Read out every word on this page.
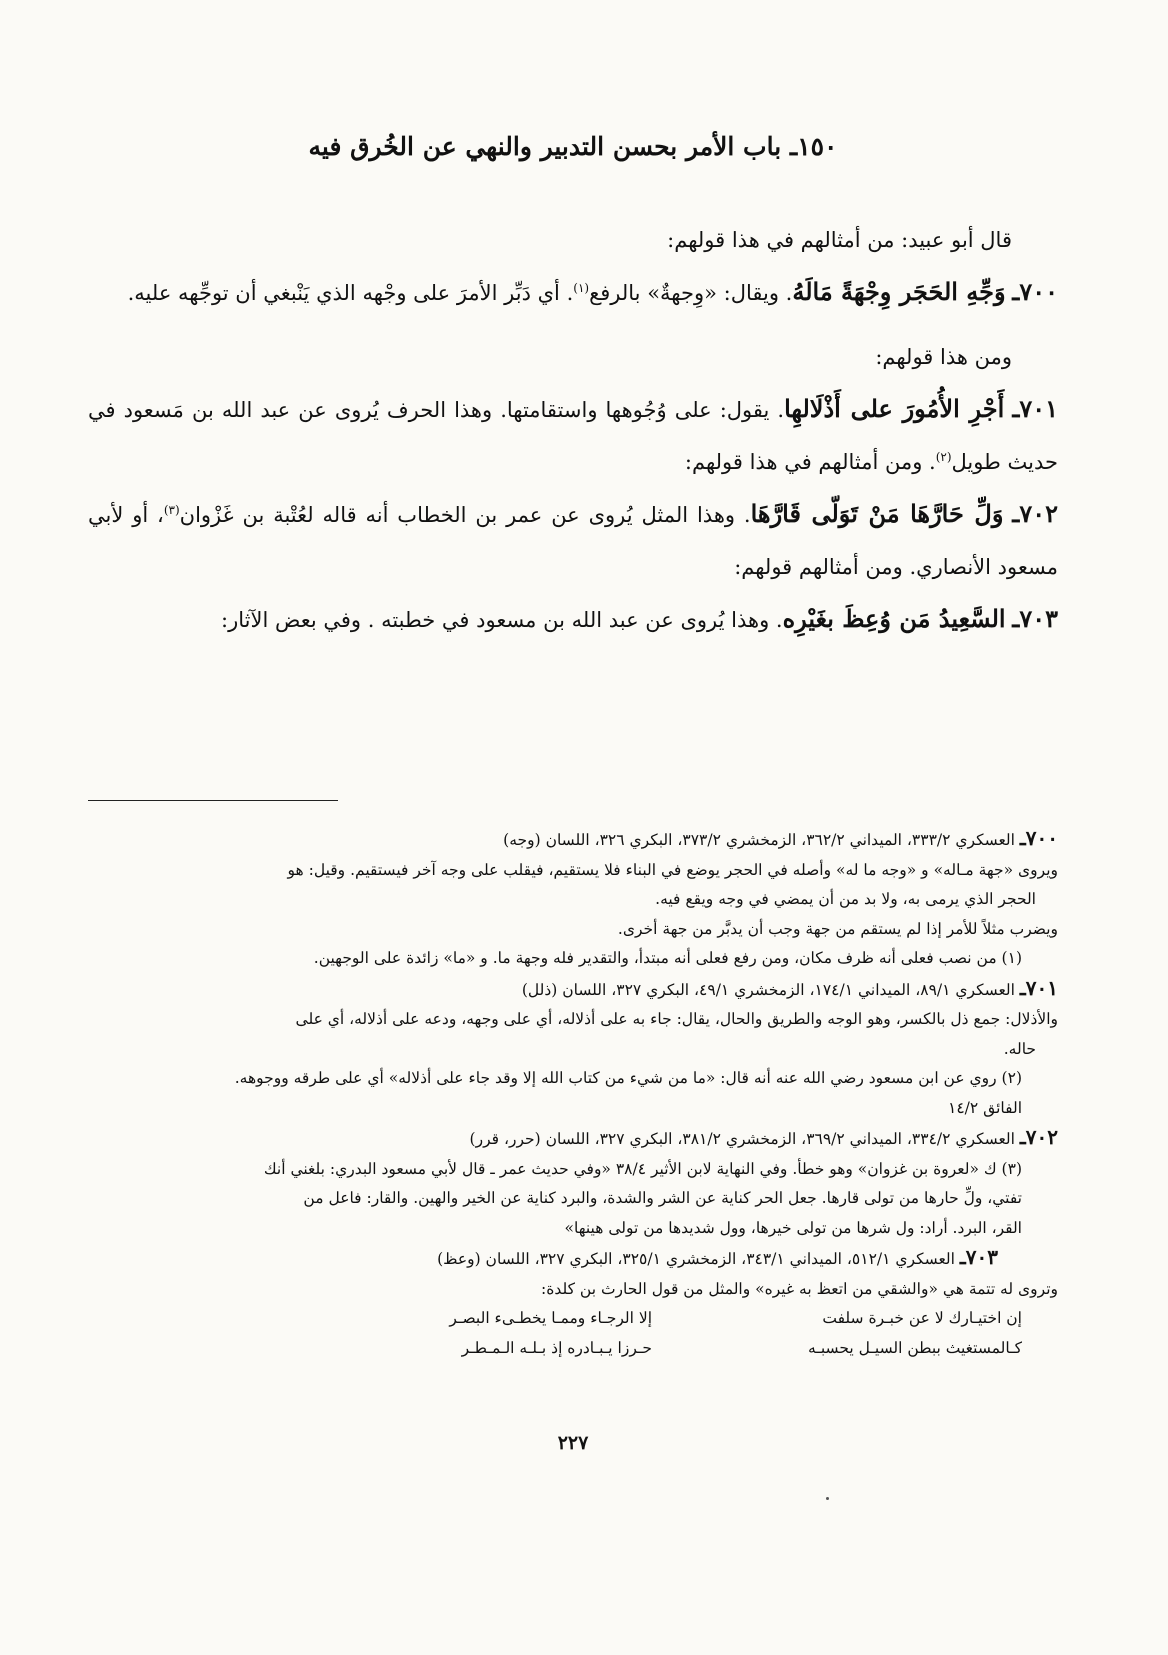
١٥٠ـ باب الأمر بحسن التدبير والنهي عن الخُرق فيه

قال أبو عبيد: من أمثالهم في هذا قولهم:

٧٠٠ـ وَجِّهِ الحَجَر وِجْهَةً مَالَهُ. ويقال: «وِجهةٌ» بالرفع$^{(١)}$. أي دَبِّر الأمرَ على وجْهه الذي يَنْبغي أن توجِّهه عليه.

ومن هذا قولهم:

٧٠١ـ أَجْرِ الأُمُورَ على أَذْلَالهِا. يقول: على وُجُوهها واستقامتها. وهذا الحرف يُروى عن عبد الله بن مَسعود في حديث طويل$^{(٢)}$. ومن أمثالهم في هذا قولهم:

٧٠٢ـ وَلِّ حَارَّهَا مَنْ تَوَلّى قَارَّهَا. وهذا المثل يُروى عن عمر بن الخطاب أنه قاله لعُتْبة بن غَزْوان$^{(٣)}$، أو لأبي مسعود الأنصاري. ومن أمثالهم قولهم:

٧٠٣ـ السَّعِيدُ مَن وُعِظَ بغَيْرِه. وهذا يُروى عن عبد الله بن مسعود في خطبته . وفي بعض الآثار:

٧٠٠ـ العسكري ٣٣٣/٢، الميداني ٣٦٢/٢، الزمخشري ٣٧٣/٢، البكري ٣٢٦، اللسان (وجه)

ويروى «جهة مـاله» و «وجه ما له» وأصله في الحجر يوضع في البناء فلا يستقيم، فيقلب على وجه آخر فيستقيم. وقيل: هو

الحجر الذي يرمى به، ولا بد من أن يمضي في وجه ويقع فيه.

ويضرب مثلاً للأمر إذا لم يستقم من جهة وجب أن يدبَّر من جهة أخرى.

(١) من نصب فعلى أنه ظرف مكان، ومن رفع فعلى أنه مبتدأ، والتقدير فله وجهة ما. و «ما» زائدة على الوجهين.

٧٠١ـ العسكري ٨٩/١، الميداني ١٧٤/١، الزمخشري ٤٩/١، البكري ٣٢٧، اللسان (ذلل)

والأذلال: جمع ذل بالكسر، وهو الوجه والطريق والحال، يقال: جاء به على أذلاله، أي على وجهه، ودعه على أذلاله، أي على

حاله.

(٢) روي عن ابن مسعود رضي الله عنه أنه قال: «ما من شيء من كتاب الله إلا وقد جاء على أذلاله» أي على طرقه ووجوهه.

الفائق ١٤/٢

٧٠٢ـ العسكري ٣٣٤/٢، الميداني ٣٦٩/٢، الزمخشري ٣٨١/٢، البكري ٣٢٧، اللسان (حرر، قرر)

(٣) ك «لعروة بن غزوان» وهو خطأ. وفي النهاية لابن الأثير ٣٨/٤ «وفي حديث عمر ـ قال لأبي مسعود البدري: بلغني أنك

تفتي، ولِّ حارها من تولى قارها. جعل الحر كناية عن الشر والشدة، والبرد كناية عن الخير والهين. والقار: فاعل من

القر، البرد. أراد: ول شرها من تولى خيرها، وول شديدها من تولى هينها»

٧٠٣ـ العسكري ٥١٢/١، الميداني ٣٤٣/١، الزمخشري ٣٢٥/١، البكري ٣٢٧، اللسان (وعظ)

وتروى له تتمة هي «والشقي من اتعظ به غيره» والمثل من قول الحارث بن كلدة:

إن اختيـارك لا عن خبـرة سلفت
إلا الرجـاء وممـا يخطـىء البصـر
كـالمستغيث ببطن السيـل يحسبـه
حـرزا يـبـادره إذ بـلـه الـمـطـر

٢٢٧
